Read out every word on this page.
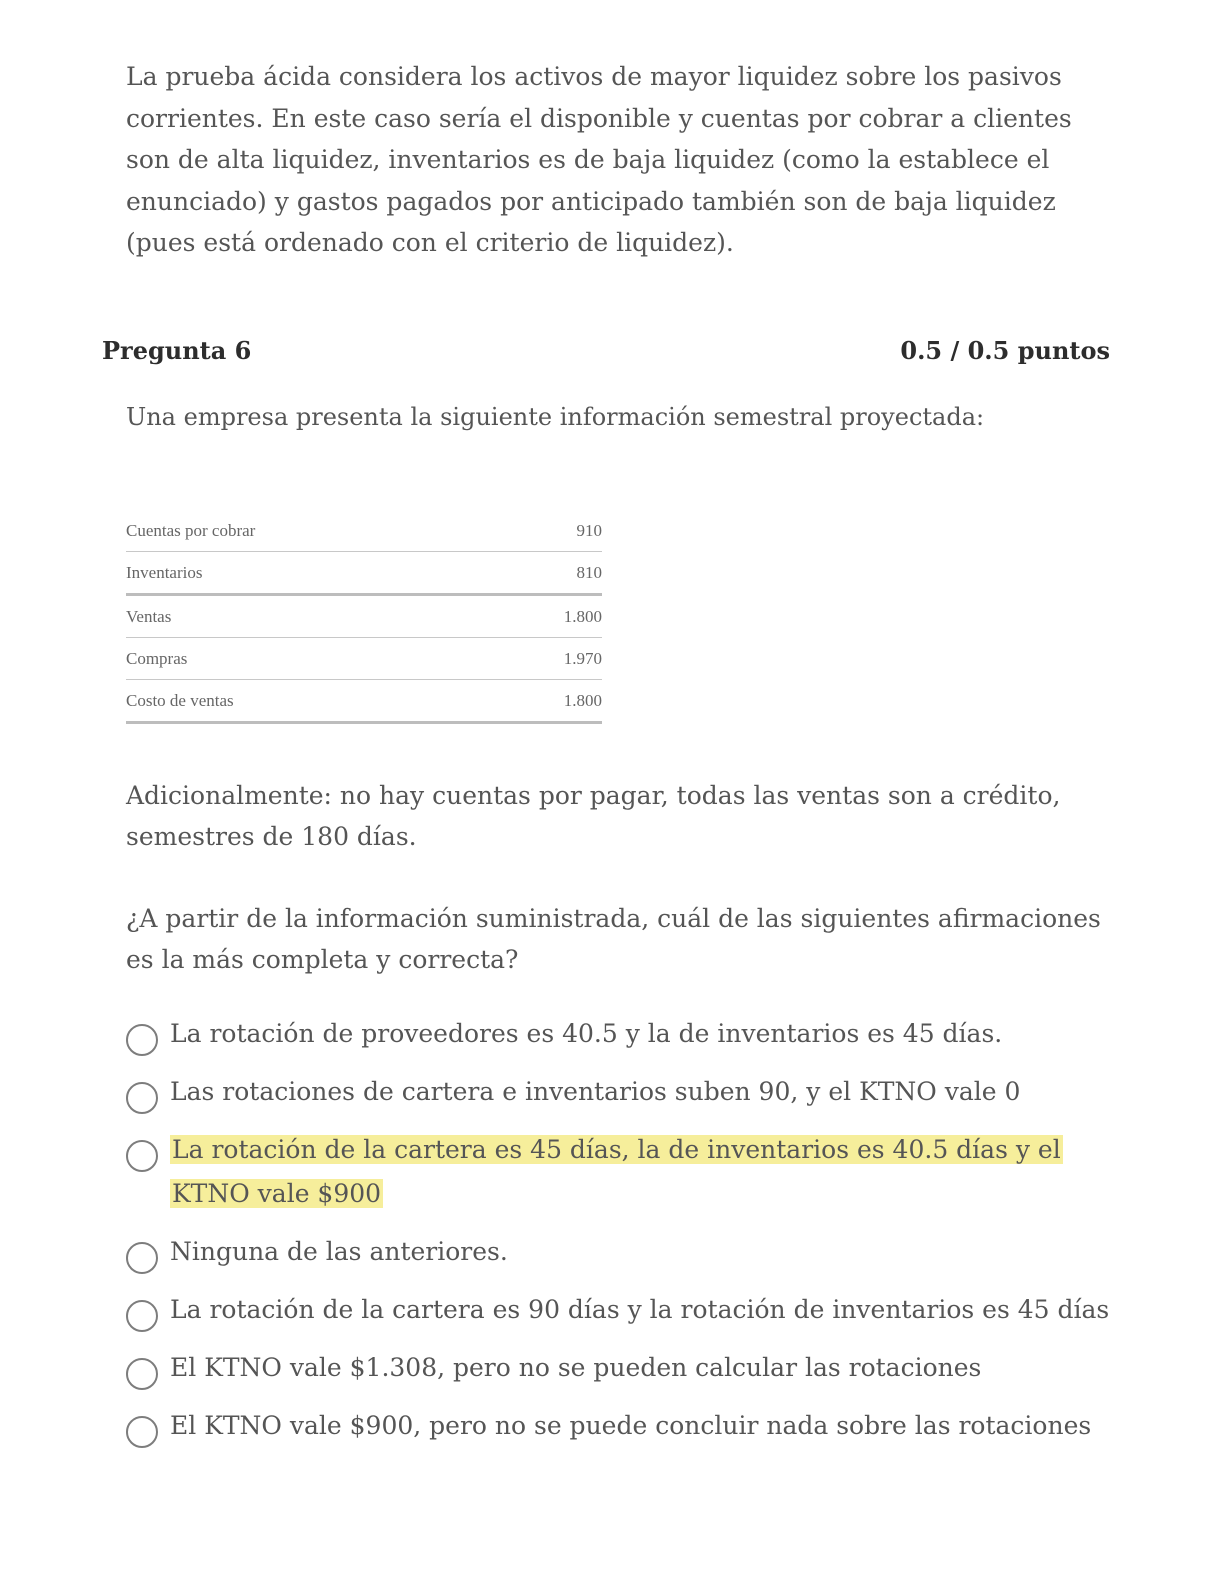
La prueba ácida considera los activos de mayor liquidez sobre los pasivos corrientes. En este caso sería el disponible y cuentas por cobrar a clientes son de alta liquidez, inventarios es de baja liquidez (como la establece el enunciado) y gastos pagados por anticipado también son de baja liquidez (pues está ordenado con el criterio de liquidez).
Pregunta 6	0.5 / 0.5 puntos
Una empresa presenta la siguiente información semestral proyectada:
Cuentas por cobrar	910
Inventarios	810
Ventas	1.800
Compras	1.970
Costo de ventas	1.800
Adicionalmente: no hay cuentas por pagar, todas las ventas son a crédito, semestres de 180 días.
¿A partir de la información suministrada, cuál de las siguientes afirmaciones es la más completa y correcta?
La rotación de proveedores es 40.5 y la de inventarios es 45 días.
Las rotaciones de cartera e inventarios suben 90, y el KTNO vale 0
La rotación de la cartera es 45 días, la de inventarios es 40.5 días y el KTNO vale $900
Ninguna de las anteriores.
La rotación de la cartera es 90 días y la rotación de inventarios es 45 días
El KTNO vale $1.308, pero no se pueden calcular las rotaciones
El KTNO vale $900, pero no se puede concluir nada sobre las rotaciones
